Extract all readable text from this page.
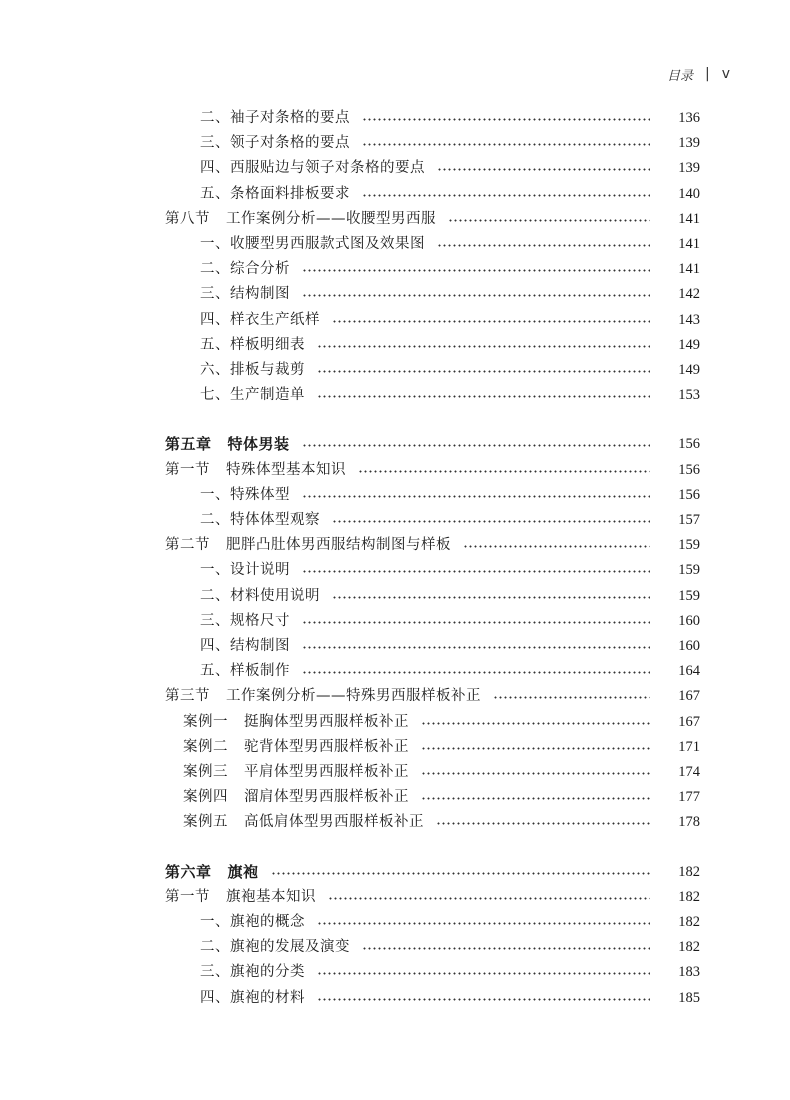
目录 | v
二、袖子对条格的要点	136
三、领子对条格的要点	139
四、西服贴边与领子对条格的要点	139
五、条格面料排板要求	140
第八节 工作案例分析——收腰型男西服	141
一、收腰型男西服款式图及效果图	141
二、综合分析	141
三、结构制图	142
四、样衣生产纸样	143
五、样板明细表	149
六、排板与裁剪	149
七、生产制造单	153
第五章 特体男装	156
第一节 特殊体型基本知识	156
一、特殊体型	156
二、特体体型观察	157
第二节 肥胖凸肚体男西服结构制图与样板	159
一、设计说明	159
二、材料使用说明	159
三、规格尺寸	160
四、结构制图	160
五、样板制作	164
第三节 工作案例分析——特殊男西服样板补正	167
案例一 挺胸体型男西服样板补正	167
案例二 驼背体型男西服样板补正	171
案例三 平肩体型男西服样板补正	174
案例四 溜肩体型男西服样板补正	177
案例五 高低肩体型男西服样板补正	178
第六章 旗袍	182
第一节 旗袍基本知识	182
一、旗袍的概念	182
二、旗袍的发展及演变	182
三、旗袍的分类	183
四、旗袍的材料	185
